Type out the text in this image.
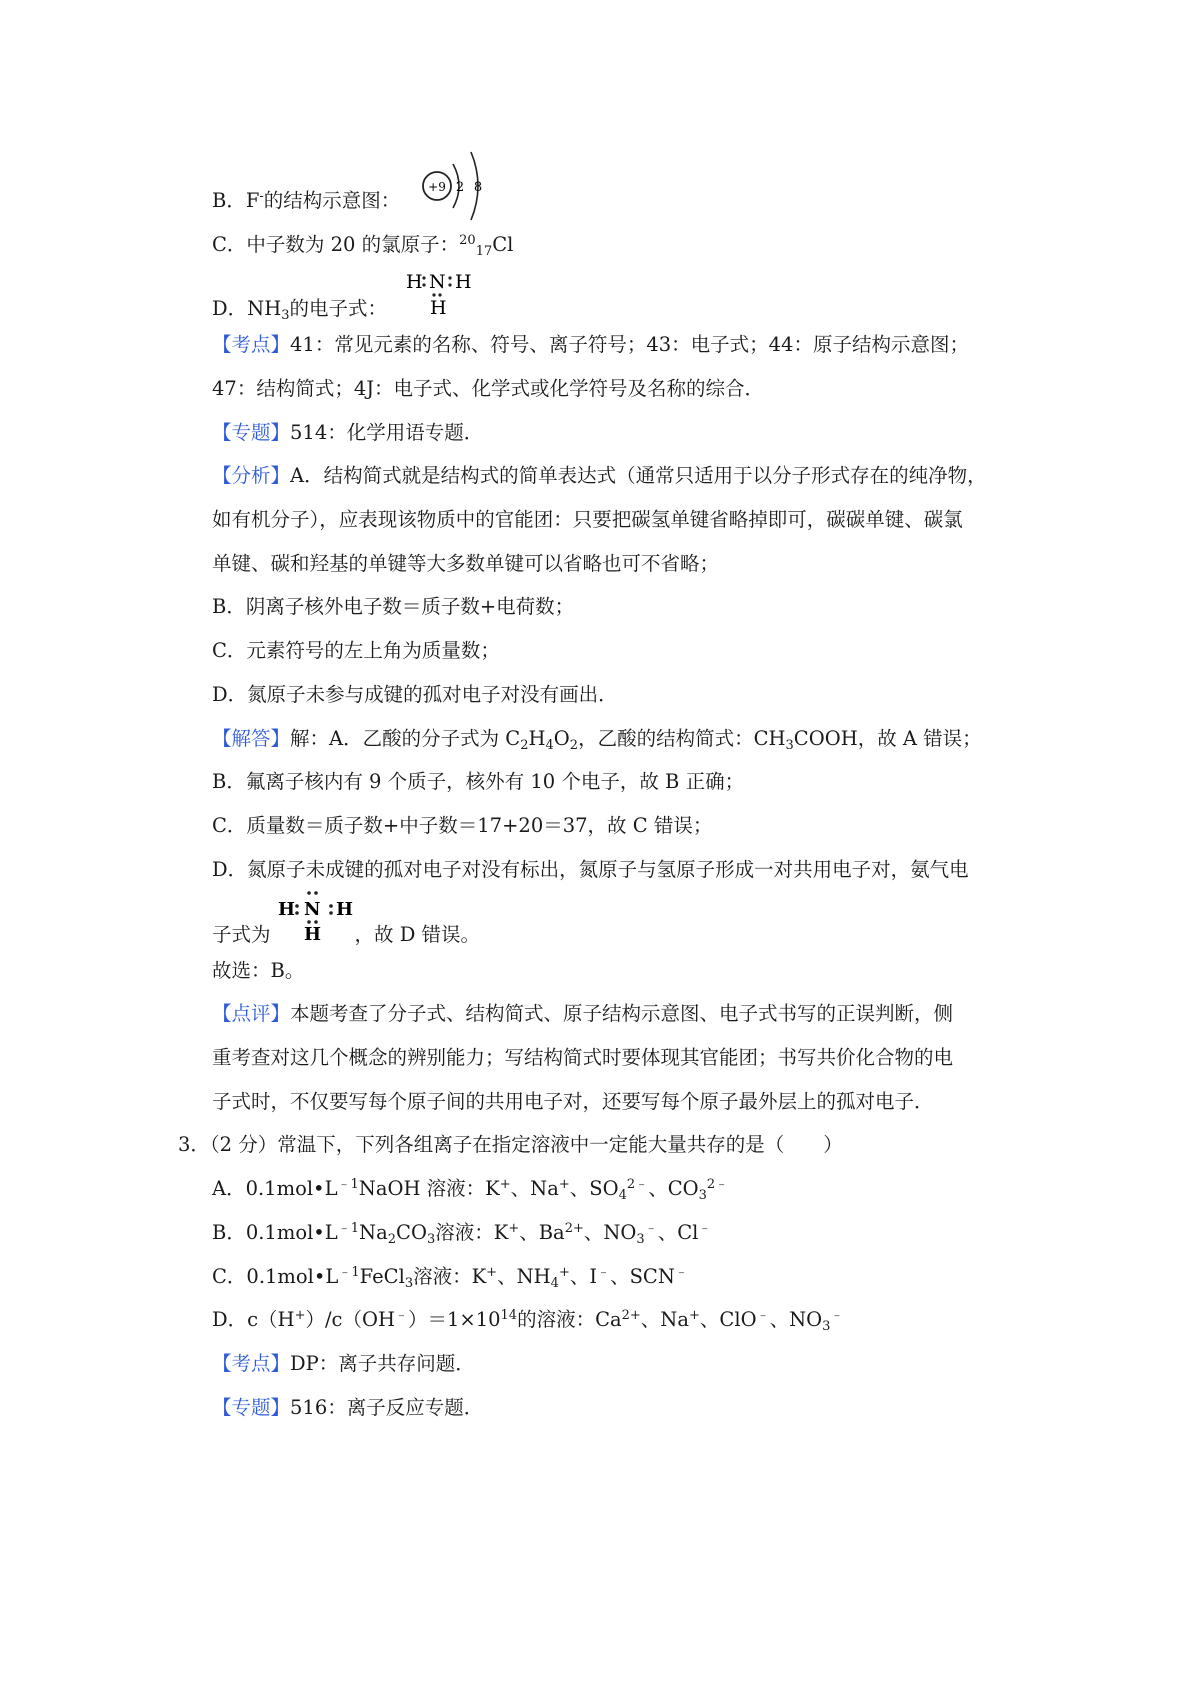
B．F-的结构示意图：
+9 2 8
C．中子数为 20 的氯原子：$^{20}_{17}$Cl
D．$NH_3$的电子式：
H N H
H
【考点】41：常见元素的名称、符号、离子符号；43：电子式；44：原子结构示意图；
47：结构简式；4J：电子式、化学式或化学符号及名称的综合．
【专题】514：化学用语专题．
【分析】A．结构简式就是结构式的简单表达式（通常只适用于以分子形式存在的纯净物，
如有机分子），应表现该物质中的官能团：只要把碳氢单键省略掉即可，碳碳单键、碳氯
单键、碳和羟基的单键等大多数单键可以省略也可不省略；
B．阴离子核外电子数＝质子数+电荷数；
C．元素符号的左上角为质量数；
D．氮原子未参与成键的孤对电子对没有画出．
【解答】解：A．乙酸的分子式为 $C_2H_4O_2$，乙酸的结构简式：$CH_3COOH$，故 A 错误；
B．氟离子核内有 9 个质子，核外有 10 个电子，故 B 正确；
C．质量数＝质子数+中子数＝17+20＝37，故 C 错误；
D．氮原子未成键的孤对电子对没有标出，氮原子与氢原子形成一对共用电子对，氨气电
子式为	，故 D 错误。
H N H
H
故选：B。
【点评】本题考查了分子式、结构简式、原子结构示意图、电子式书写的正误判断，侧
重考查对这几个概念的辨别能力；写结构简式时要体现其官能团；书写共价化合物的电
子式时，不仅要写每个原子间的共用电子对，还要写每个原子最外层上的孤对电子．
3．（2 分）常温下，下列各组离子在指定溶液中一定能大量共存的是（　　）
A．$0.1mol•L^{﹣1}NaOH$ 溶液：K+、Na+、$SO_4^{2﹣}$、$CO_3^{2﹣}$
B．$0.1mol•L^{﹣1}Na_2CO_3$溶液：K+、$Ba^{2+}$、$NO_3^﹣$、Cl﹣
C．$0.1mol•L^{﹣1}FeCl_3$溶液：K+、$NH_4^+$、I﹣、SCN﹣
D．$c(H^+)/c(OH^﹣)=1\times 10^{14}$的溶液：$Ca^{2+}$、Na+、ClO﹣、$NO_3^﹣$
【考点】DP：离子共存问题．
【专题】516：离子反应专题．
